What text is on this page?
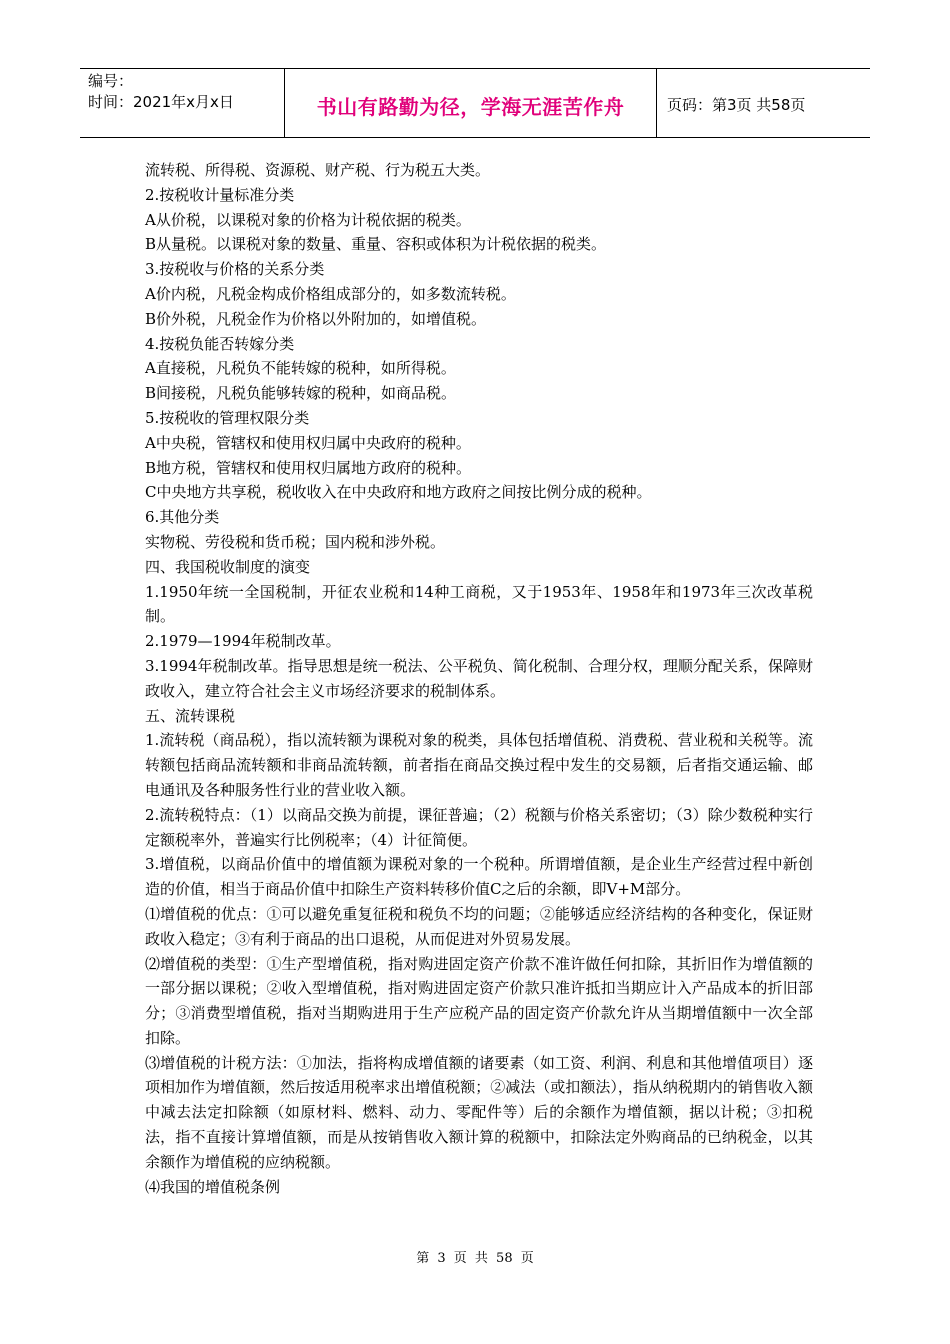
编号：
时间：2021年x月x日	书山有路勤为径，学海无涯苦作舟	页码：第3页 共58页

流转税、所得税、资源税、财产税、行为税五大类。

2.按税收计量标准分类

A从价税，以课税对象的价格为计税依据的税类。

B从量税。以课税对象的数量、重量、容积或体积为计税依据的税类。

3.按税收与价格的关系分类

A价内税，凡税金构成价格组成部分的，如多数流转税。

B价外税，凡税金作为价格以外附加的，如增值税。

4.按税负能否转嫁分类

A直接税，凡税负不能转嫁的税种，如所得税。

B间接税，凡税负能够转嫁的税种，如商品税。

5.按税收的管理权限分类

A中央税，管辖权和使用权归属中央政府的税种。

B地方税，管辖权和使用权归属地方政府的税种。

C中央地方共享税，税收收入在中央政府和地方政府之间按比例分成的税种。

6.其他分类

实物税、劳役税和货币税；国内税和涉外税。

四、我国税收制度的演变

1.1950年统一全国税制，开征农业税和14种工商税，又于1953年、1958年和1973年三次改革税制。

2.1979—1994年税制改革。

3.1994年税制改革。指导思想是统一税法、公平税负、简化税制、合理分权，理顺分配关系，保障财政收入，建立符合社会主义市场经济要求的税制体系。

五、流转课税

1.流转税（商品税），指以流转额为课税对象的税类，具体包括增值税、消费税、营业税和关税等。流转额包括商品流转额和非商品流转额，前者指在商品交换过程中发生的交易额，后者指交通运输、邮电通讯及各种服务性行业的营业收入额。

2.流转税特点：（1）以商品交换为前提，课征普遍；（2）税额与价格关系密切；（3）除少数税种实行定额税率外，普遍实行比例税率；（4）计征简便。

3.增值税，以商品价值中的增值额为课税对象的一个税种。所谓增值额，是企业生产经营过程中新创造的价值，相当于商品价值中扣除生产资料转移价值C之后的余额，即V+M部分。

⑴增值税的优点：①可以避免重复征税和税负不均的问题；②能够适应经济结构的各种变化，保证财政收入稳定；③有利于商品的出口退税，从而促进对外贸易发展。

⑵增值税的类型：①生产型增值税，指对购进固定资产价款不准许做任何扣除，其折旧作为增值额的一部分据以课税；②收入型增值税，指对购进固定资产价款只准许抵扣当期应计入产品成本的折旧部分；③消费型增值税，指对当期购进用于生产应税产品的固定资产价款允许从当期增值额中一次全部扣除。

⑶增值税的计税方法：①加法，指将构成增值额的诸要素（如工资、利润、利息和其他增值项目）逐项相加作为增值额，然后按适用税率求出增值税额；②减法（或扣额法），指从纳税期内的销售收入额中减去法定扣除额（如原材料、燃料、动力、零配件等）后的余额作为增值额，据以计税；③扣税法，指不直接计算增值额，而是从按销售收入额计算的税额中，扣除法定外购商品的已纳税金，以其余额作为增值税的应纳税额。

⑷我国的增值税条例

第 3 页 共 58 页
